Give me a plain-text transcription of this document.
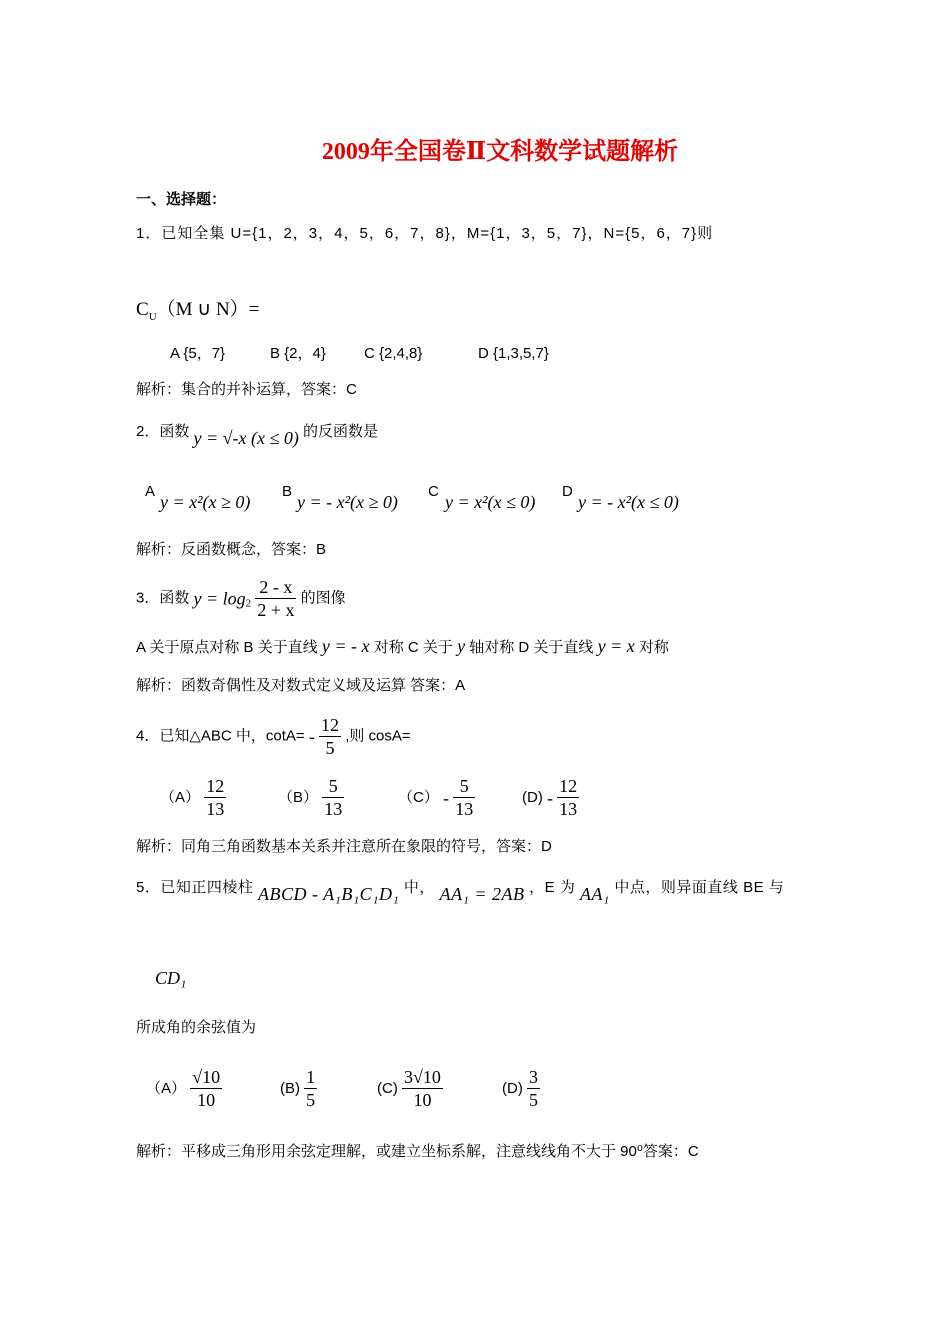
2009年全国卷Ⅱ文科数学试题解析
一、选择题：
1．已知全集 U={1，2，3，4，5，6，7，8}，M={1，3，5，7}，N={5，6，7}则
$C_U(M$ ∪ N）=
A {5，7}	B {2，4}	C {2,4,8}	D {1,3,5,7}
解析：集合的并补运算，答案：C
2．函数 y = √-x (x ≤ 0) 的反函数是
A
y = x²(x ≥ 0)
B
y = - x²(x ≥ 0)
C
y = x²(x ≤ 0)
D
y = - x²(x ≤ 0)
解析：反函数概念，答案：B
3．函数 $y = \log_2 \frac{2 - x}{2 + x}$ 的图像
A 关于原点对称 B 关于直线 y = - x 对称 C 关于 y 轴对称 D 关于直线 y = x 对称
解析：函数奇偶性及对数式定义域及运算 答案：A
4．已知△ABC 中，$\cot A= - \frac{12}{5}$ ,则 cosA=
$(A) \frac{12}{13}$	$(B) \frac{5}{13}$	$(C) - \frac{5}{13}$	$(D) - \frac{12}{13}$
解析：同角三角函数基本关系并注意所在象限的符号，答案：D
5．已知正四棱柱 ABCD - A₁B₁C₁D₁ 中， AA₁ = 2AB ，E 为 AA₁ 中点，则异面直线 BE 与
CD₁
所成角的余弦值为
$(A) \frac{√10}{10}$	$(B) \frac{1}{5}$	$(C) \frac{3√10}{10}$	$(D) \frac{3}{5}$
解析：平移成三角形用余弦定理解，或建立坐标系解，注意线线角不大于 90⁰答案：C
